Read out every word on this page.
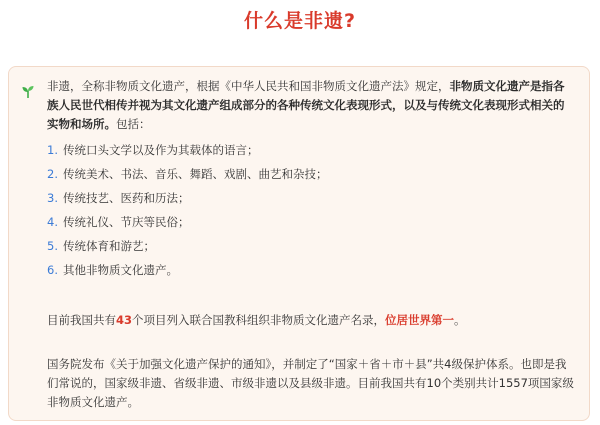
什么是非遗?

非遗，全称非物质文化遗产，根据《中华人民共和国非物质文化遗产法》规定，非物质文化遗产是指各族人民世代相传并视为其文化遗产组成部分的各种传统文化表现形式，以及与传统文化表现形式相关的实物和场所。包括：

1. 传统口头文学以及作为其载体的语言；
2. 传统美术、书法、音乐、舞蹈、戏剧、曲艺和杂技；
3. 传统技艺、医药和历法；
4. 传统礼仪、节庆等民俗；
5. 传统体育和游艺；
6. 其他非物质文化遗产。

目前我国共有43个项目列入联合国教科组织非物质文化遗产名录，位居世界第一。

国务院发布《关于加强文化遗产保护的通知》，并制定了“国家＋省＋市＋县”共4级保护体系。也即是我们常说的，国家级非遗、省级非遗、市级非遗以及县级非遗。目前我国共有10个类别共计1557项国家级非物质文化遗产。
